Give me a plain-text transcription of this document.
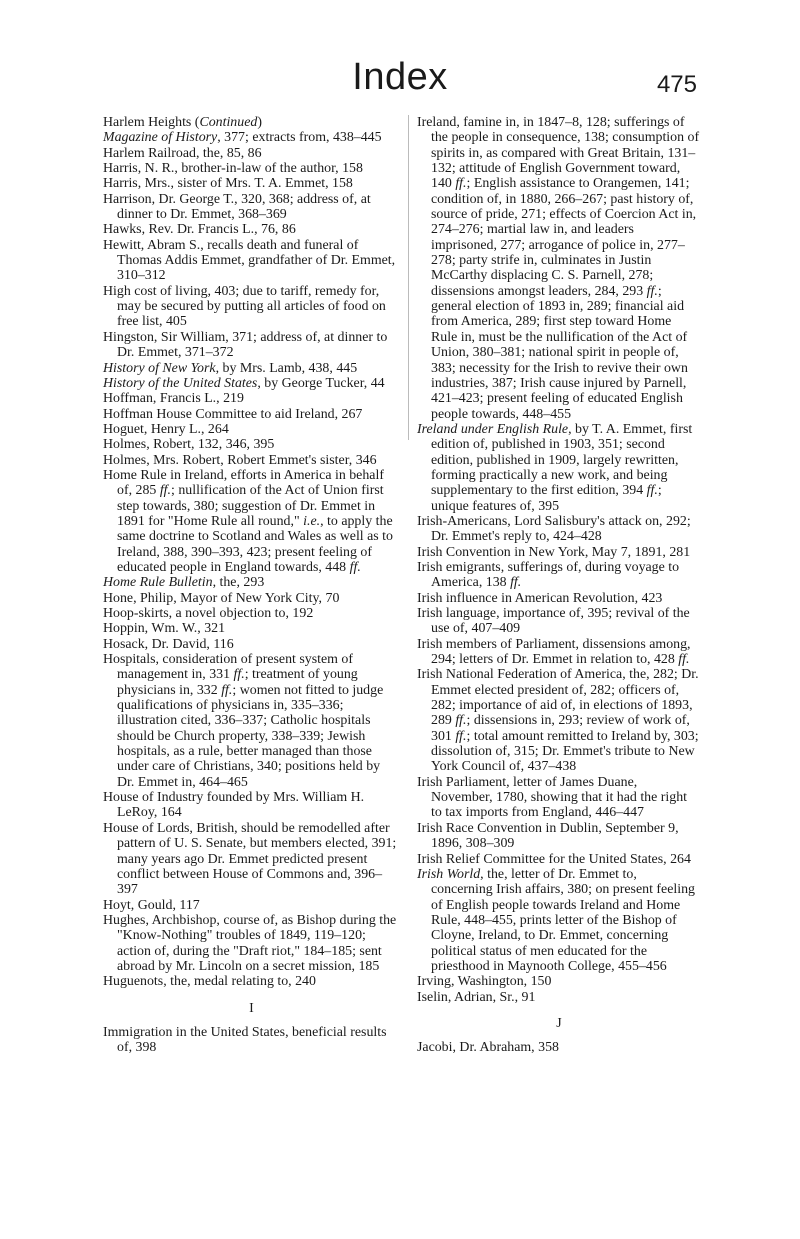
Index	475
Harlem Heights (Continued)
Magazine of History, 377; extracts from, 438–445
Harlem Railroad, the, 85, 86
Harris, N. R., brother-in-law of the author, 158
Harris, Mrs., sister of Mrs. T. A. Emmet, 158
Harrison, Dr. George T., 320, 368; address of, at dinner to Dr. Emmet, 368–369
Hawks, Rev. Dr. Francis L., 76, 86
Hewitt, Abram S., recalls death and funeral of Thomas Addis Emmet, grandfather of Dr. Emmet, 310–312
High cost of living, 403; due to tariff, remedy for, may be secured by putting all articles of food on free list, 405
Hingston, Sir William, 371; address of, at dinner to Dr. Emmet, 371–372
History of New York, by Mrs. Lamb, 438, 445
History of the United States, by George Tucker, 44
Hoffman, Francis L., 219
Hoffman House Committee to aid Ireland, 267
Hoguet, Henry L., 264
Holmes, Robert, 132, 346, 395
Holmes, Mrs. Robert, Robert Emmet's sister, 346
Home Rule in Ireland, efforts in America in behalf of, 285 ff.; nullification of the Act of Union first step towards, 380; suggestion of Dr. Emmet in 1891 for "Home Rule all round," i.e., to apply the same doctrine to Scotland and Wales as well as to Ireland, 388, 390–393, 423; present feeling of educated people in England towards, 448 ff.
Home Rule Bulletin, the, 293
Hone, Philip, Mayor of New York City, 70
Hoop-skirts, a novel objection to, 192
Hoppin, Wm. W., 321
Hosack, Dr. David, 116
Hospitals, consideration of present system of management in, 331 ff.; treatment of young physicians in, 332 ff.; women not fitted to judge qualifications of physicians in, 335–336; illustration cited, 336–337; Catholic hospitals should be Church property, 338–339; Jewish hospitals, as a rule, better managed than those under care of Christians, 340; positions held by Dr. Emmet in, 464–465
House of Industry founded by Mrs. William H. LeRoy, 164
House of Lords, British, should be remodelled after pattern of U. S. Senate, but members elected, 391; many years ago Dr. Emmet predicted present conflict between House of Commons and, 396–397
Hoyt, Gould, 117
Hughes, Archbishop, course of, as Bishop during the "Know-Nothing" troubles of 1849, 119–120; action of, during the "Draft riot," 184–185; sent abroad by Mr. Lincoln on a secret mission, 185
Huguenots, the, medal relating to, 240
I
Immigration in the United States, beneficial results of, 398
Ireland, famine in, in 1847–8, 128; sufferings of the people in consequence, 138; consumption of spirits in, as compared with Great Britain, 131–132; attitude of English Government toward, 140 ff.; English assistance to Orangemen, 141; condition of, in 1880, 266–267; past history of, source of pride, 271; effects of Coercion Act in, 274–276; martial law in, and leaders imprisoned, 277; arrogance of police in, 277–278; party strife in, culminates in Justin McCarthy displacing C. S. Parnell, 278; dissensions amongst leaders, 284, 293 ff.; general election of 1893 in, 289; financial aid from America, 289; first step toward Home Rule in, must be the nullification of the Act of Union, 380–381; national spirit in people of, 383; necessity for the Irish to revive their own industries, 387; Irish cause injured by Parnell, 421–423; present feeling of educated English people towards, 448–455
Ireland under English Rule, by T. A. Emmet, first edition of, published in 1903, 351; second edition, published in 1909, largely rewritten, forming practically a new work, and being supplementary to the first edition, 394 ff.; unique features of, 395
Irish-Americans, Lord Salisbury's attack on, 292; Dr. Emmet's reply to, 424–428
Irish Convention in New York, May 7, 1891, 281
Irish emigrants, sufferings of, during voyage to America, 138 ff.
Irish influence in American Revolution, 423
Irish language, importance of, 395; revival of the use of, 407–409
Irish members of Parliament, dissensions among, 294; letters of Dr. Emmet in relation to, 428 ff.
Irish National Federation of America, the, 282; Dr. Emmet elected president of, 282; officers of, 282; importance of aid of, in elections of 1893, 289 ff.; dissensions in, 293; review of work of, 301 ff.; total amount remitted to Ireland by, 303; dissolution of, 315; Dr. Emmet's tribute to New York Council of, 437–438
Irish Parliament, letter of James Duane, November, 1780, showing that it had the right to tax imports from England, 446–447
Irish Race Convention in Dublin, September 9, 1896, 308–309
Irish Relief Committee for the United States, 264
Irish World, the, letter of Dr. Emmet to, concerning Irish affairs, 380; on present feeling of English people towards Ireland and Home Rule, 448–455, prints letter of the Bishop of Cloyne, Ireland, to Dr. Emmet, concerning political status of men educated for the priesthood in Maynooth College, 455–456
Irving, Washington, 150
Iselin, Adrian, Sr., 91
J
Jacobi, Dr. Abraham, 358
